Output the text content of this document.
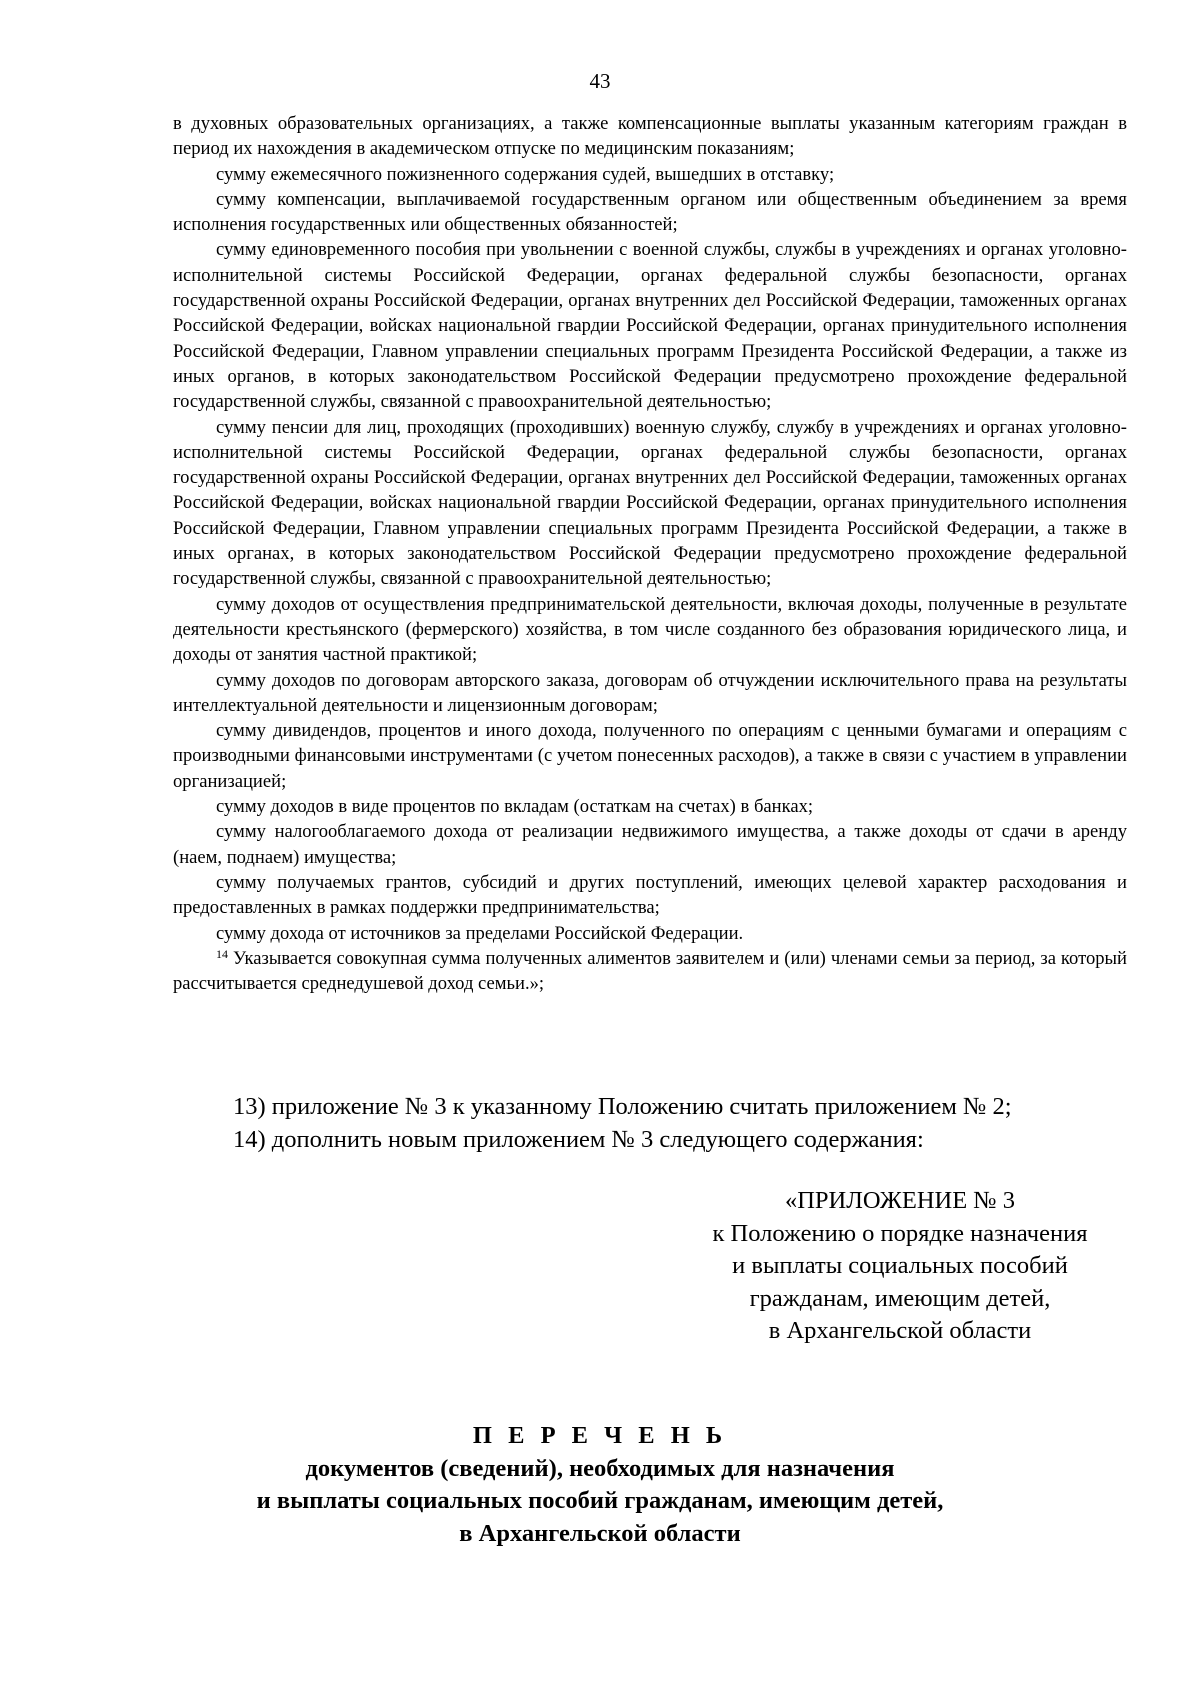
43

в духовных образовательных организациях, а также компенсационные выплаты указанным категориям граждан в период их нахождения в академическом отпуске по медицинским показаниям;

сумму ежемесячного пожизненного содержания судей, вышедших в отставку;

сумму компенсации, выплачиваемой государственным органом или общественным объединением за время исполнения государственных или общественных обязанностей;

сумму единовременного пособия при увольнении с военной службы, службы в учреждениях и органах уголовно-исполнительной системы Российской Федерации, органах федеральной службы безопасности, органах государственной охраны Российской Федерации, органах внутренних дел Российской Федерации, таможенных органах Российской Федерации, войсках национальной гвардии Российской Федерации, органах принудительного исполнения Российской Федерации, Главном управлении специальных программ Президента Российской Федерации, а также из иных органов, в которых законодательством Российской Федерации предусмотрено прохождение федеральной государственной службы, связанной с правоохранительной деятельностью;

сумму пенсии для лиц, проходящих (проходивших) военную службу, службу в учреждениях и органах уголовно-исполнительной системы Российской Федерации, органах федеральной службы безопасности, органах государственной охраны Российской Федерации, органах внутренних дел Российской Федерации, таможенных органах Российской Федерации, войсках национальной гвардии Российской Федерации, органах принудительного исполнения Российской Федерации, Главном управлении специальных программ Президента Российской Федерации, а также в иных органах, в которых законодательством Российской Федерации предусмотрено прохождение федеральной государственной службы, связанной с правоохранительной деятельностью;

сумму доходов от осуществления предпринимательской деятельности, включая доходы, полученные в результате деятельности крестьянского (фермерского) хозяйства, в том числе созданного без образования юридического лица, и доходы от занятия частной практикой;

сумму доходов по договорам авторского заказа, договорам об отчуждении исключительного права на результаты интеллектуальной деятельности и лицензионным договорам;

сумму дивидендов, процентов и иного дохода, полученного по операциям с ценными бумагами и операциям с производными финансовыми инструментами (с учетом понесенных расходов), а также в связи с участием в управлении организацией;

сумму доходов в виде процентов по вкладам (остаткам на счетах) в банках;

сумму налогооблагаемого дохода от реализации недвижимого имущества, а также доходы от сдачи в аренду (наем, поднаем) имущества;

сумму получаемых грантов, субсидий и других поступлений, имеющих целевой характер расходования и предоставленных в рамках поддержки предпринимательства;

сумму дохода от источников за пределами Российской Федерации.

$^{14}$ Указывается совокупная сумма полученных алиментов заявителем и (или) членами семьи за период, за который рассчитывается среднедушевой доход семьи.»;

13) приложение № 3 к указанному Положению считать приложением № 2;

14) дополнить новым приложением № 3 следующего содержания:

«ПРИЛОЖЕНИЕ № 3
к Положению о порядке назначения
и выплаты социальных пособий
гражданам, имеющим детей,
в Архангельской области
П Е Р Е Ч Е Н Ь
документов (сведений), необходимых для назначения
и выплаты социальных пособий гражданам, имеющим детей,
в Архангельской области
